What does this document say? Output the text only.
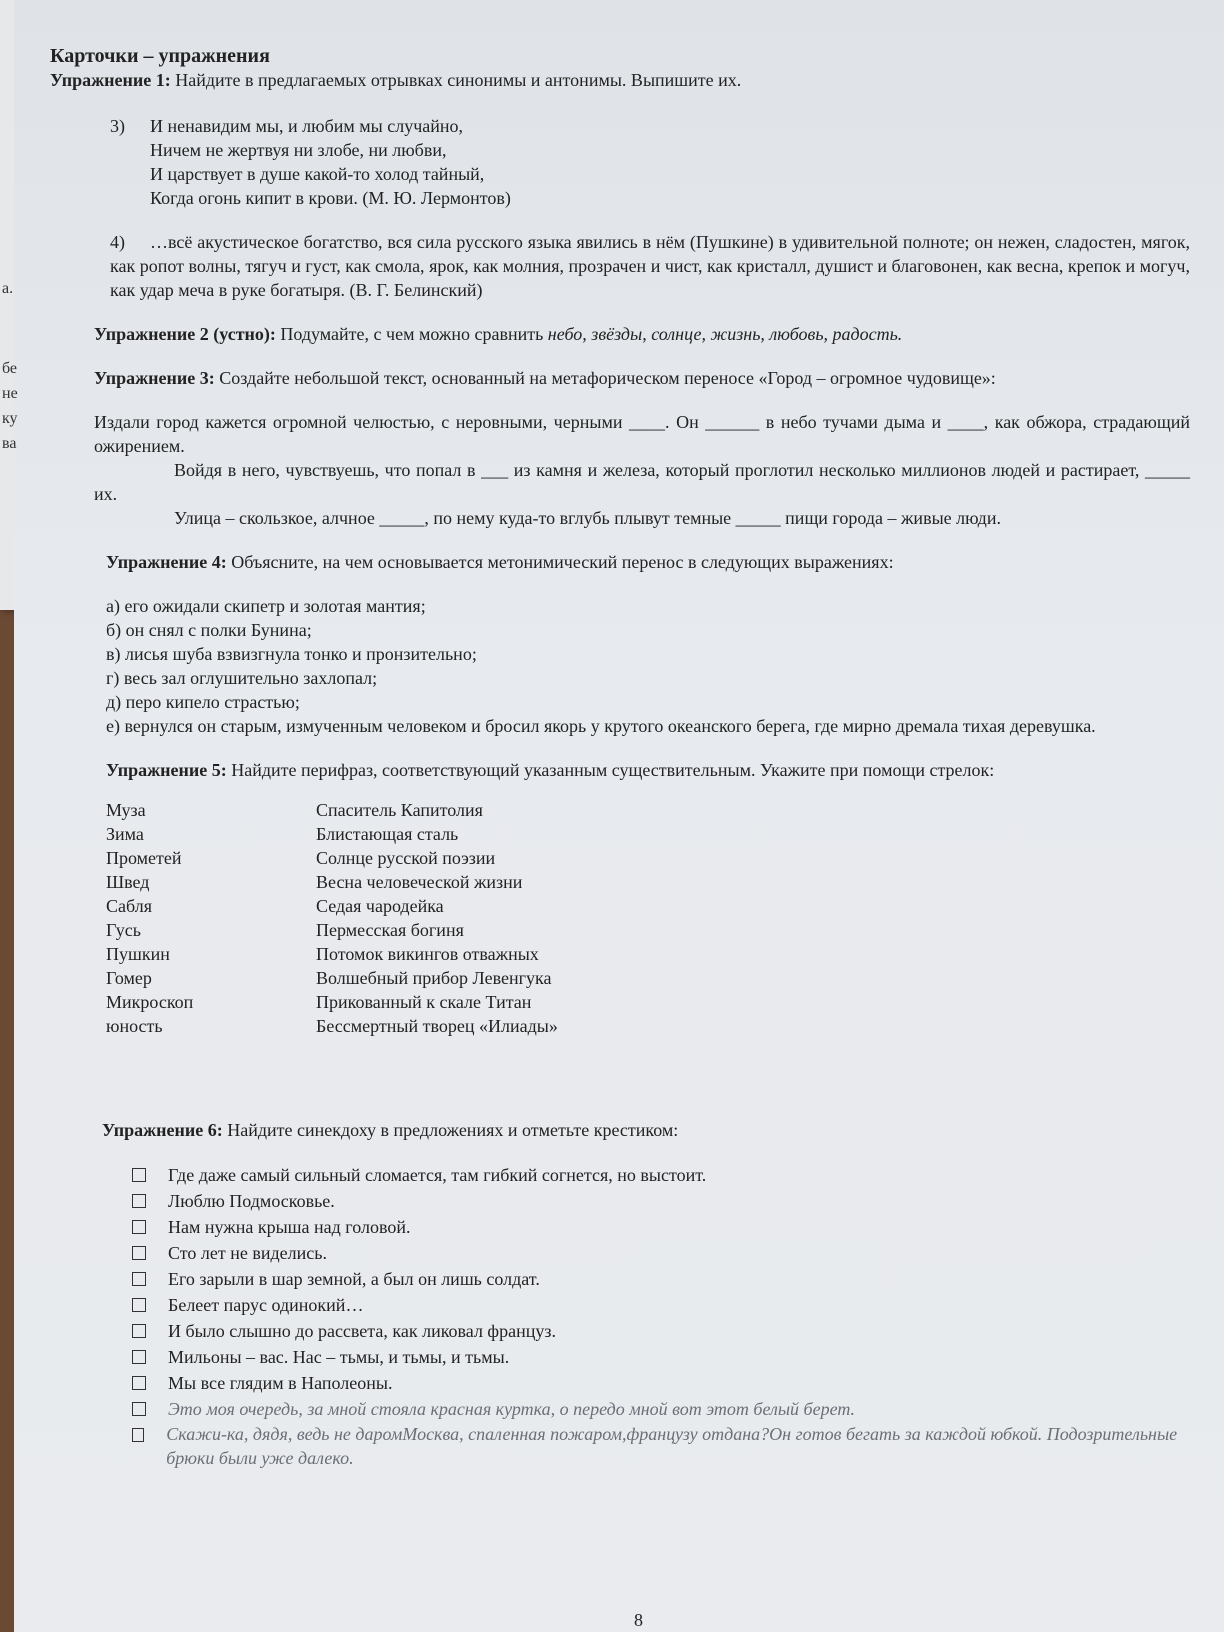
Карточки – упражнения
Упражнение 1: Найдите в предлагаемых отрывках синонимы и антонимы. Выпишите их.
3) И ненавидим мы, и любим мы случайно,
Ничем не жертвуя ни злобе, ни любви,
И царствует в душе какой-то холод тайный,
Когда огонь кипит в крови. (М. Ю. Лермонтов)
4) …всё акустическое богатство, вся сила русского языка явились в нём (Пушкине) в удивительной полноте; он нежен, сладостен, мягок, как ропот волны, тягуч и густ, как смола, ярок, как молния, прозрачен и чист, как кристалл, душист и благовонен, как весна, крепок и могуч, как удар меча в руке богатыря. (В. Г. Белинский)
Упражнение 2 (устно): Подумайте, с чем можно сравнить небо, звёзды, солнце, жизнь, любовь, радость.
Упражнение 3: Создайте небольшой текст, основанный на метафорическом переносе «Город – огромное чудовище»:
Издали город кажется огромной челюстью, с неровными, черными ____. Он ______ в небо тучами дыма и ____, как обжора, страдающий ожирением.
Войдя в него, чувствуешь, что попал в ___ из камня и железа, который проглотил несколько миллионов людей и растирает, _____ их.
Улица – скользкое, алчное _____, по нему куда-то вглубь плывут темные _____ пищи города – живые люди.
Упражнение 4: Объясните, на чем основывается метонимический перенос в следующих выражениях:
а) его ожидали скипетр и золотая мантия;
б) он снял с полки Бунина;
в) лисья шуба взвизгнула тонко и пронзительно;
г) весь зал оглушительно захлопал;
д) перо кипело страстью;
е) вернулся он старым, измученным человеком и бросил якорь у крутого океанского берега, где мирно дремала тихая деревушка.
Упражнение 5: Найдите перифраз, соответствующий указанным существительным. Укажите при помощи стрелок:
Муза	Спаситель Капитолия
Зима	Блистающая сталь
Прометей	Солнце русской поэзии
Швед	Весна человеческой жизни
Сабля	Седая чародейка
Гусь	Пермесская богиня
Пушкин	Потомок викингов отважных
Гомер	Волшебный прибор Левенгука
Микроскоп	Прикованный к скале Титан
юность	Бессмертный творец «Илиады»
Упражнение 6: Найдите синекдоху в предложениях и отметьте крестиком:
Где даже самый сильный сломается, там гибкий согнется, но выстоит.
Люблю Подмосковье.
Нам нужна крыша над головой.
Сто лет не виделись.
Его зарыли в шар земной, а был он лишь солдат.
Белеет парус одинокий…
И было слышно до рассвета, как ликовал француз.
Мильоны – вас. Нас – тьмы, и тьмы, и тьмы.
Мы все глядим в Наполеоны.
Это моя очередь, за мной стояла красная куртка, о передо мной вот этот белый берет.
Скажи-ка, дядя, ведь не даромМосква, спаленная пожаром,французу отдана?Он готов бегать за каждой юбкой. Подозрительные брюки были уже далеко.
8
а.
бе
не
ку
ва
